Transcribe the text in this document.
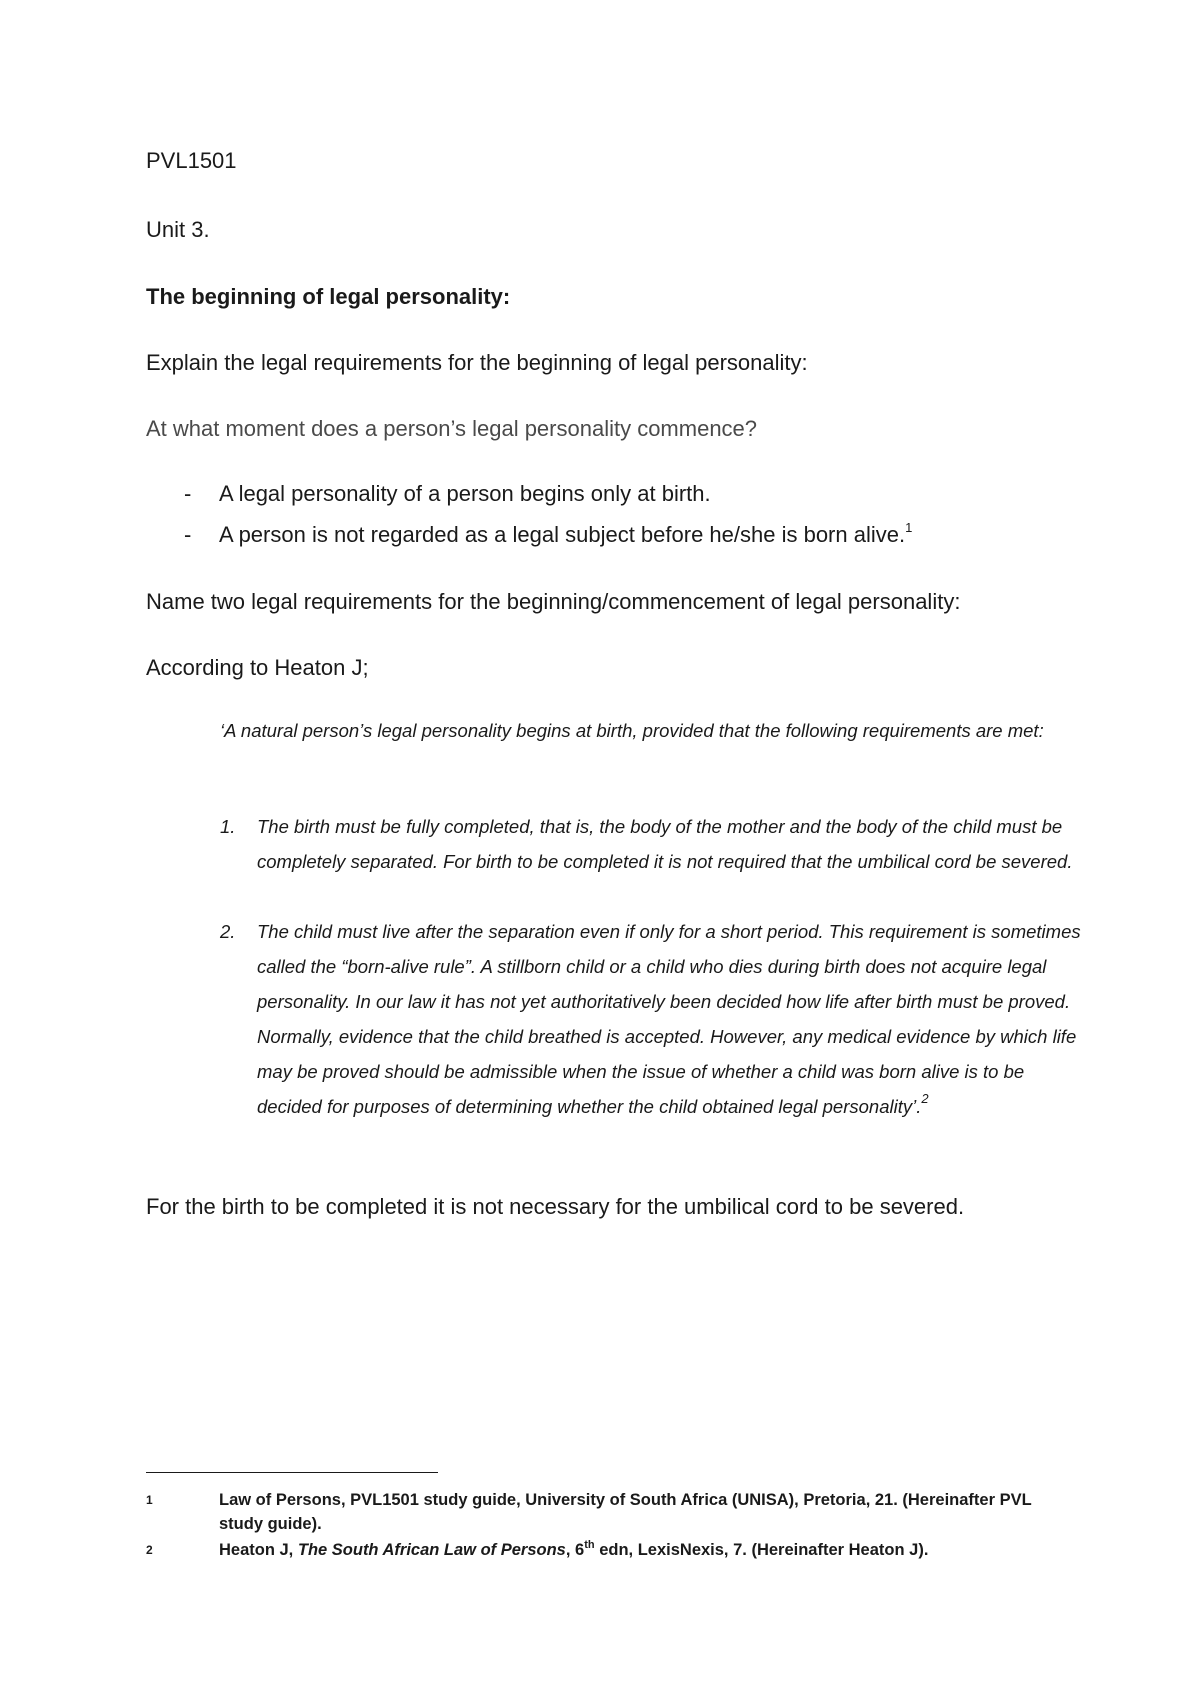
PVL1501
Unit 3.
The beginning of legal personality:
Explain the legal requirements for the beginning of legal personality:
At what moment does a person’s legal personality commence?
- A legal personality of a person begins only at birth.
- A person is not regarded as a legal subject before he/she is born alive.$^1$
Name two legal requirements for the beginning/commencement of legal personality:
According to Heaton J;
‘A natural person’s legal personality begins at birth, provided that the following requirements are met:
1. The birth must be fully completed, that is, the body of the mother and the body of the child must be completely separated. For birth to be completed it is not required that the umbilical cord be severed.
2. The child must live after the separation even if only for a short period. This requirement is sometimes called the “born-alive rule”. A stillborn child or a child who dies during birth does not acquire legal personality. In our law it has not yet authoritatively been decided how life after birth must be proved. Normally, evidence that the child breathed is accepted. However, any medical evidence by which life may be proved should be admissible when the issue of whether a child was born alive is to be decided for purposes of determining whether the child obtained legal personality’.$^2$
For the birth to be completed it is not necessary for the umbilical cord to be severed.
1	Law of Persons, PVL1501 study guide, University of South Africa (UNISA), Pretoria, 21. (Hereinafter PVL study guide).
2	Heaton J, The South African Law of Persons, 6th edn, LexisNexis, 7. (Hereinafter Heaton J).
